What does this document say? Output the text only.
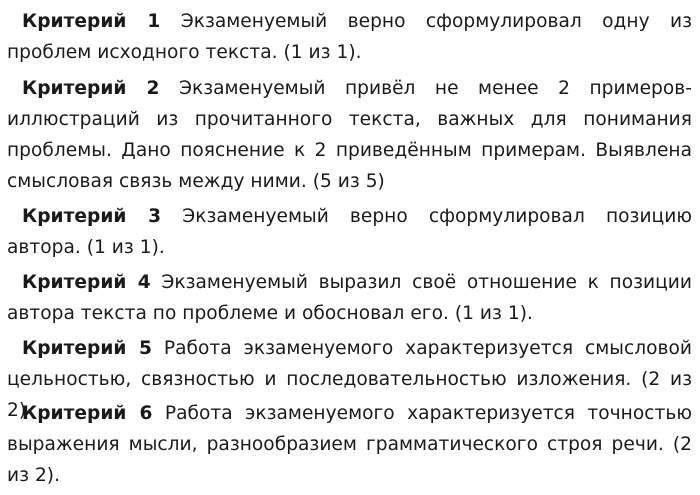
Критерий 1 Экзаменуемый верно сформулировал одну из проблем исходного текста. (1 из 1).

Критерий 2 Экзаменуемый привёл не менее 2 примеров-иллюстраций из прочитанного текста, важных для понимания проблемы. Дано пояснение к 2 приведённым примерам. Выявлена смысловая связь между ними. (5 из 5)

Критерий 3 Экзаменуемый верно сформулировал позицию автора. (1 из 1).

Критерий 4 Экзаменуемый выразил своё отношение к позиции автора текста по проблеме и обосновал его. (1 из 1).

Критерий 5 Работа экзаменуемого характеризуется смысловой цельностью, связностью и последовательностью изложения. (2 из 2)

Критерий 6 Работа экзаменуемого характеризуется точностью выражения мысли, разнообразием грамматического строя речи. (2 из 2).
